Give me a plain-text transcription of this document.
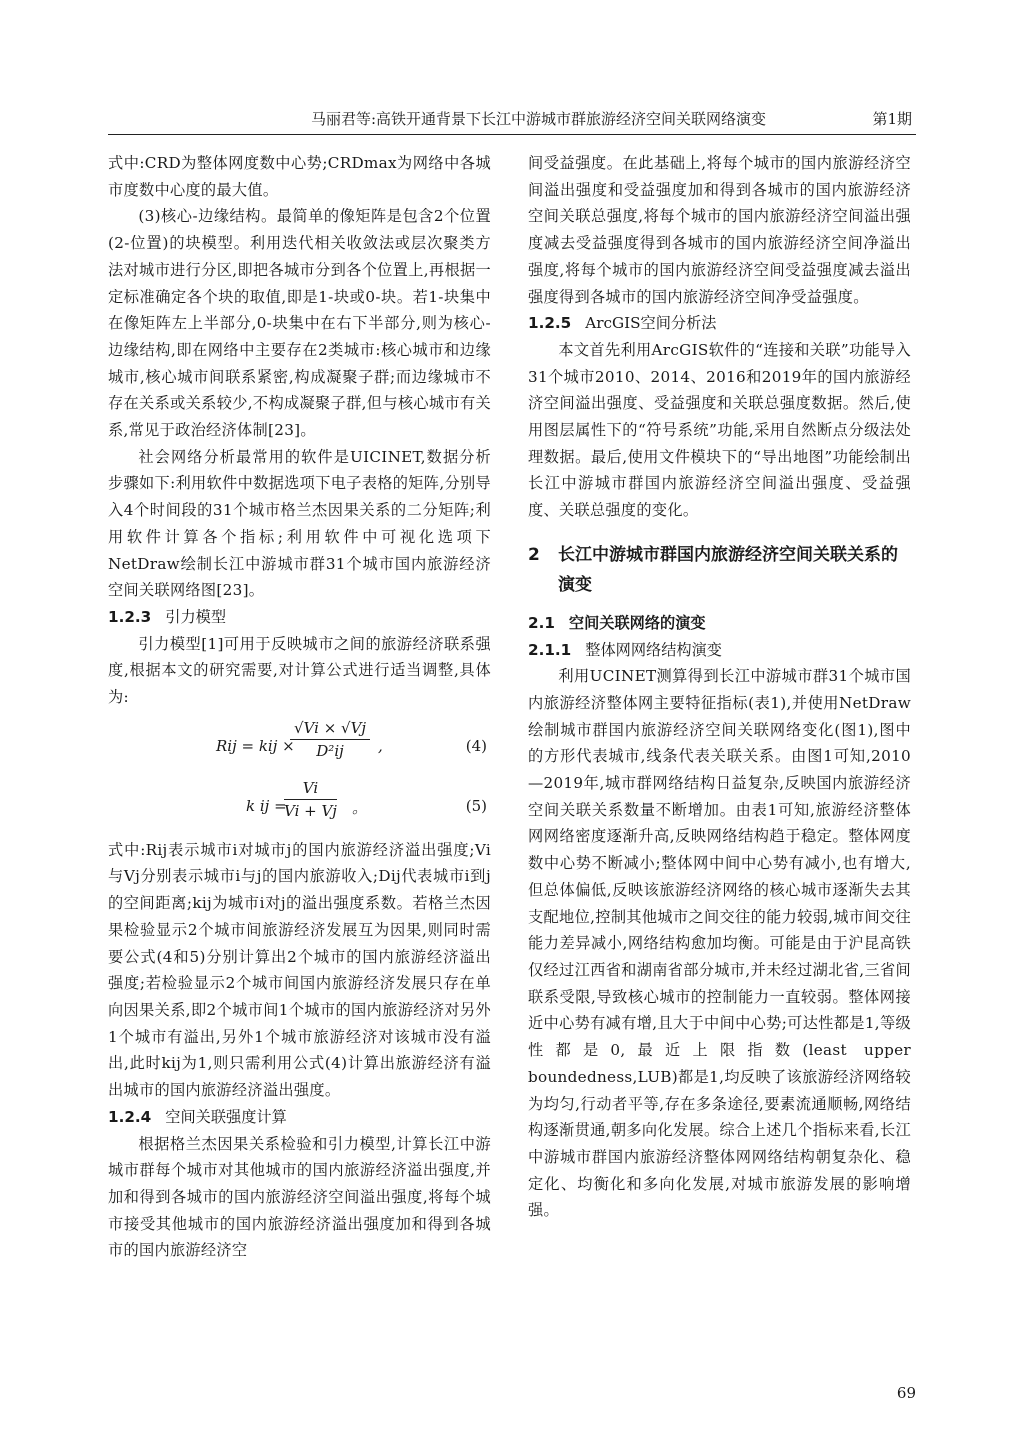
马丽君等:高铁开通背景下长江中游城市群旅游经济空间关联网络演变	第1期

式中:CRD为整体网度数中心势;CRDmax为网络中各城市度数中心度的最大值。

(3)核心-边缘结构。最简单的像矩阵是包含2个位置(2-位置)的块模型。利用迭代相关收敛法或层次聚类方法对城市进行分区,即把各城市分到各个位置上,再根据一定标准确定各个块的取值,即是1-块或0-块。若1-块集中在像矩阵左上半部分,0-块集中在右下半部分,则为核心-边缘结构,即在网络中主要存在2类城市:核心城市和边缘城市,核心城市间联系紧密,构成凝聚子群;而边缘城市不存在关系或关系较少,不构成凝聚子群,但与核心城市有关系,常见于政治经济体制[23]。

社会网络分析最常用的软件是UICINET,数据分析步骤如下:利用软件中数据选项下电子表格的矩阵,分别导入4个时间段的31个城市格兰杰因果关系的二分矩阵;利用软件计算各个指标;利用软件中可视化选项下NetDraw绘制长江中游城市群31个城市国内旅游经济空间关联网络图[23]。

1.2.3 引力模型

引力模型[1]可用于反映城市之间的旅游经济联系强度,根据本文的研究需要,对计算公式进行适当调整,具体为:

Rij = kij ×
$\frac{√Vi \times √Vj}{\text{D²ij}}$ ,	(4)
k ij =
$\frac{Vi}{Vi + Vj}$ 。	(5)

式中:Rij表示城市i对城市j的国内旅游经济溢出强度;Vi与Vj分别表示城市i与j的国内旅游收入;Dij代表城市i到j的空间距离;kij为城市i对j的溢出强度系数。若格兰杰因果检验显示2个城市间旅游经济发展互为因果,则同时需要公式(4和5)分别计算出2个城市的国内旅游经济溢出强度;若检验显示2个城市间国内旅游经济发展只存在单向因果关系,即2个城市间1个城市的国内旅游经济对另外1个城市有溢出,另外1个城市旅游经济对该城市没有溢出,此时kij为1,则只需利用公式(4)计算出旅游经济有溢出城市的国内旅游经济溢出强度。

1.2.4 空间关联强度计算

根据格兰杰因果关系检验和引力模型,计算长江中游城市群每个城市对其他城市的国内旅游经济溢出强度,并加和得到各城市的国内旅游经济空间溢出强度,将每个城市接受其他城市的国内旅游经济溢出强度加和得到各城市的国内旅游经济空

间受益强度。在此基础上,将每个城市的国内旅游经济空间溢出强度和受益强度加和得到各城市的国内旅游经济空间关联总强度,将每个城市的国内旅游经济空间溢出强度减去受益强度得到各城市的国内旅游经济空间净溢出强度,将每个城市的国内旅游经济空间受益强度减去溢出强度得到各城市的国内旅游经济空间净受益强度。

1.2.5 ArcGIS空间分析法

本文首先利用ArcGIS软件的“连接和关联”功能导入31个城市2010、2014、2016和2019年的国内旅游经济空间溢出强度、受益强度和关联总强度数据。然后,使用图层属性下的“符号系统”功能,采用自然断点分级法处理数据。最后,使用文件模块下的“导出地图”功能绘制出长江中游城市群国内旅游经济空间溢出强度、受益强度、关联总强度的变化。

2	长江中游城市群国内旅游经济空间关联关系的演变
2.1 空间关联网络的演变
2.1.1 整体网网络结构演变

利用UCINET测算得到长江中游城市群31个城市国内旅游经济整体网主要特征指标(表1),并使用NetDraw绘制城市群国内旅游经济空间关联网络变化(图1),图中的方形代表城市,线条代表关联关系。由图1可知,2010—2019年,城市群网络结构日益复杂,反映国内旅游经济空间关联关系数量不断增加。由表1可知,旅游经济整体网网络密度逐渐升高,反映网络结构趋于稳定。整体网度数中心势不断减小;整体网中间中心势有减小,也有增大,但总体偏低,反映该旅游经济网络的核心城市逐渐失去其支配地位,控制其他城市之间交往的能力较弱,城市间交往能力差异减小,网络结构愈加均衡。可能是由于沪昆高铁仅经过江西省和湖南省部分城市,并未经过湖北省,三省间联系受限,导致核心城市的控制能力一直较弱。整体网接近中心势有减有增,且大于中间中心势;可达性都是1,等级性都是0,最近上限指数(least upper boundedness,LUB)都是1,均反映了该旅游经济网络较为均匀,行动者平等,存在多条途径,要素流通顺畅,网络结构逐渐贯通,朝多向化发展。综合上述几个指标来看,长江中游城市群国内旅游经济整体网网络结构朝复杂化、稳定化、均衡化和多向化发展,对城市旅游发展的影响增强。

69
